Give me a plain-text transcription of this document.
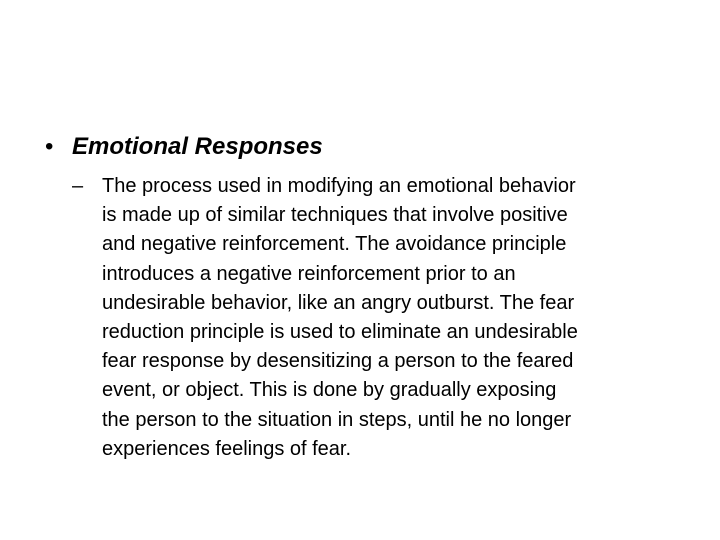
• Emotional Responses
– The process used in modifying an emotional behavior
is made up of similar techniques that involve positive
and negative reinforcement. The avoidance principle
introduces a negative reinforcement prior to an
undesirable behavior, like an angry outburst. The fear
reduction principle is used to eliminate an undesirable
fear response by desensitizing a person to the feared
event, or object. This is done by gradually exposing
the person to the situation in steps, until he no longer
experiences feelings of fear.
